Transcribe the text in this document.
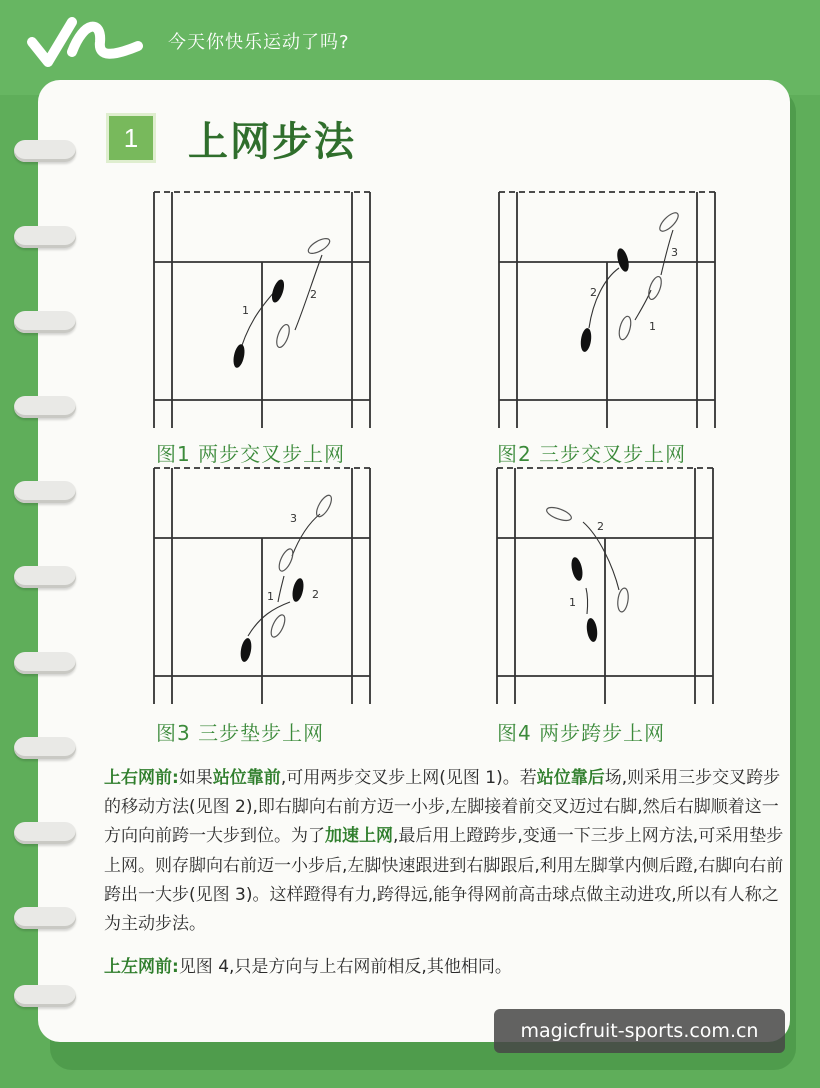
今天你快乐运动了吗?
1	上网步法
1
2
图1 两步交叉步上网
1
2
3
图2 三步交叉步上网
1	2
3
图3 三步垫步上网
1
2
图4 两步跨步上网

上右网前:如果站位靠前,可用两步交叉步上网(见图 1)。若站位靠后场,则采用三步交叉跨步的移动方法(见图 2),即右脚向右前方迈一小步,左脚接着前交叉迈过右脚,然后右脚顺着这一方向向前跨一大步到位。为了加速上网,最后用上蹬跨步,变通一下三步上网方法,可采用垫步上网。则存脚向右前迈一小步后,左脚快速跟进到右脚跟后,利用左脚掌内侧后蹬,右脚向右前跨出一大步(见图 3)。这样蹬得有力,跨得远,能争得网前高击球点做主动进攻,所以有人称之为主动步法。

上左网前:见图 4,只是方向与上右网前相反,其他相同。

magicfruit-sports.com.cn
